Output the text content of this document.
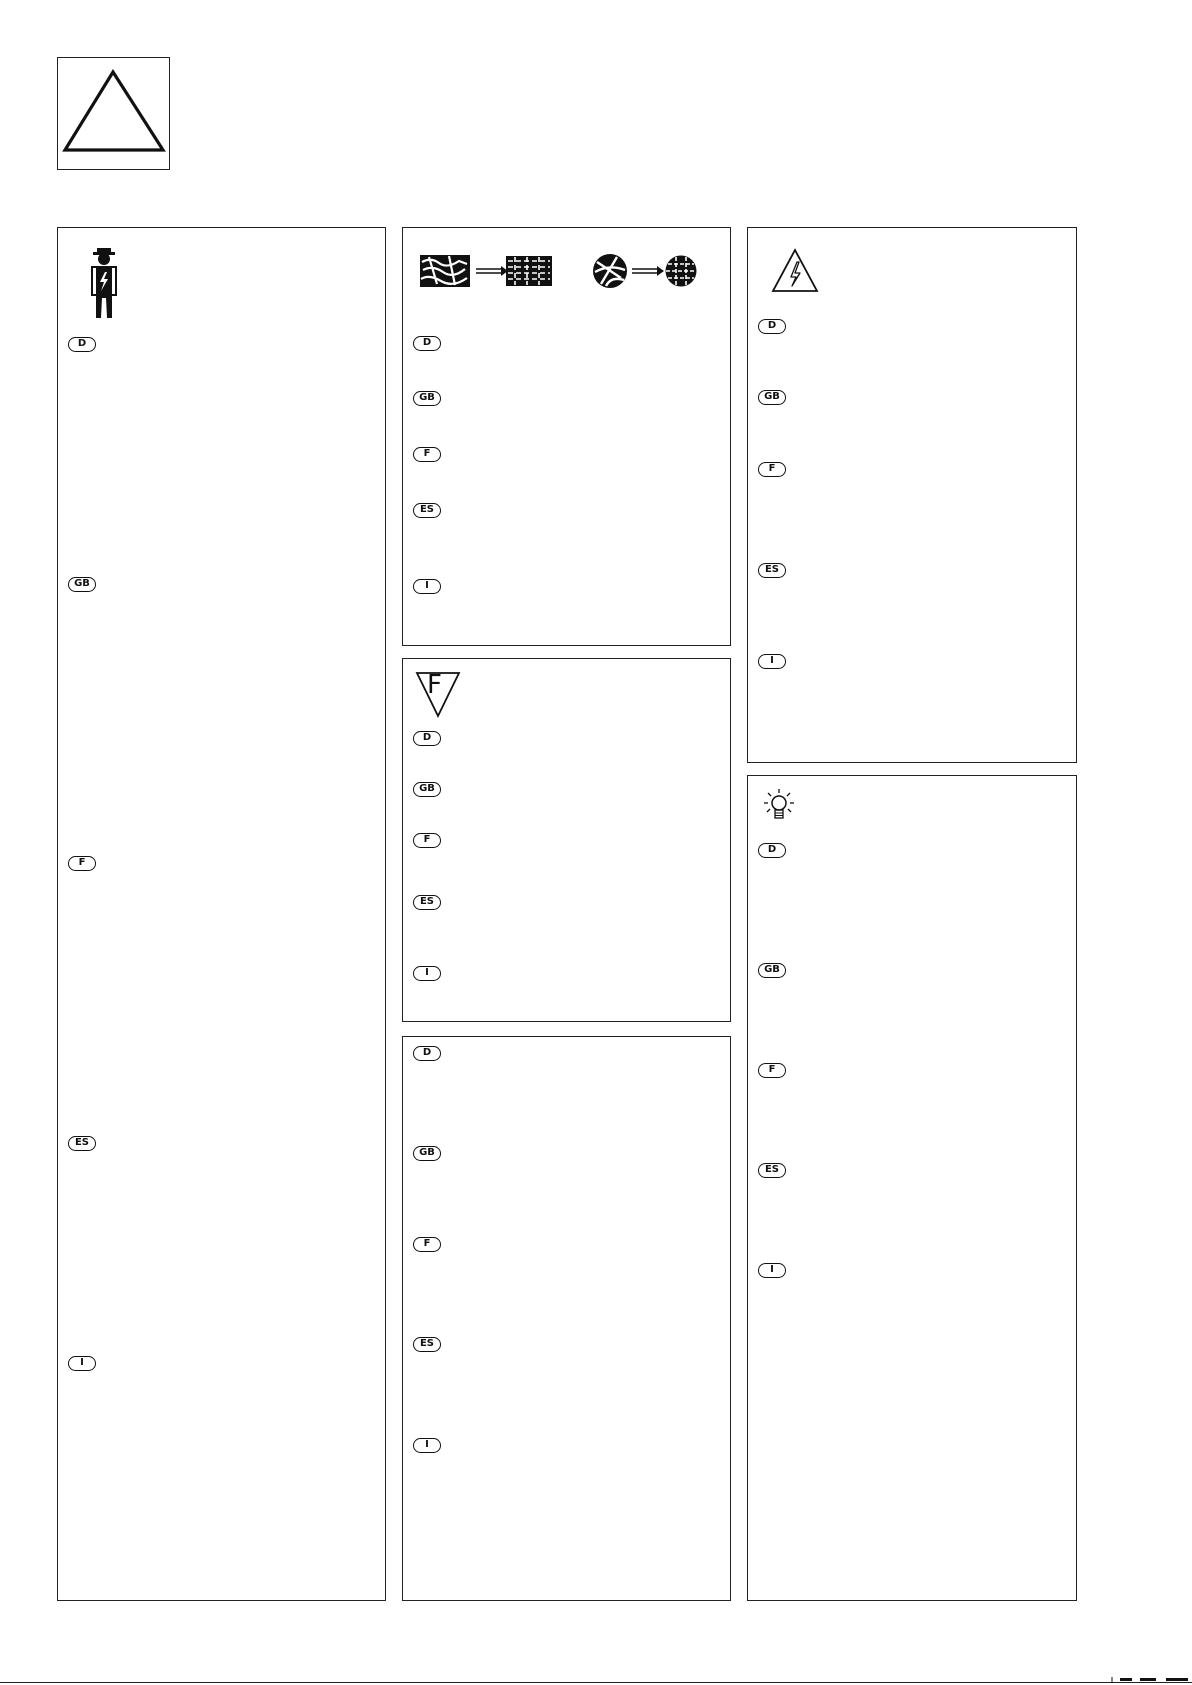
D
GB
F
ES
I
D
GB
F
ES
I
F
D
GB
F
ES
I
D
GB
F
ES
I
D
GB
F
ES
I
D
GB
F
ES
I
